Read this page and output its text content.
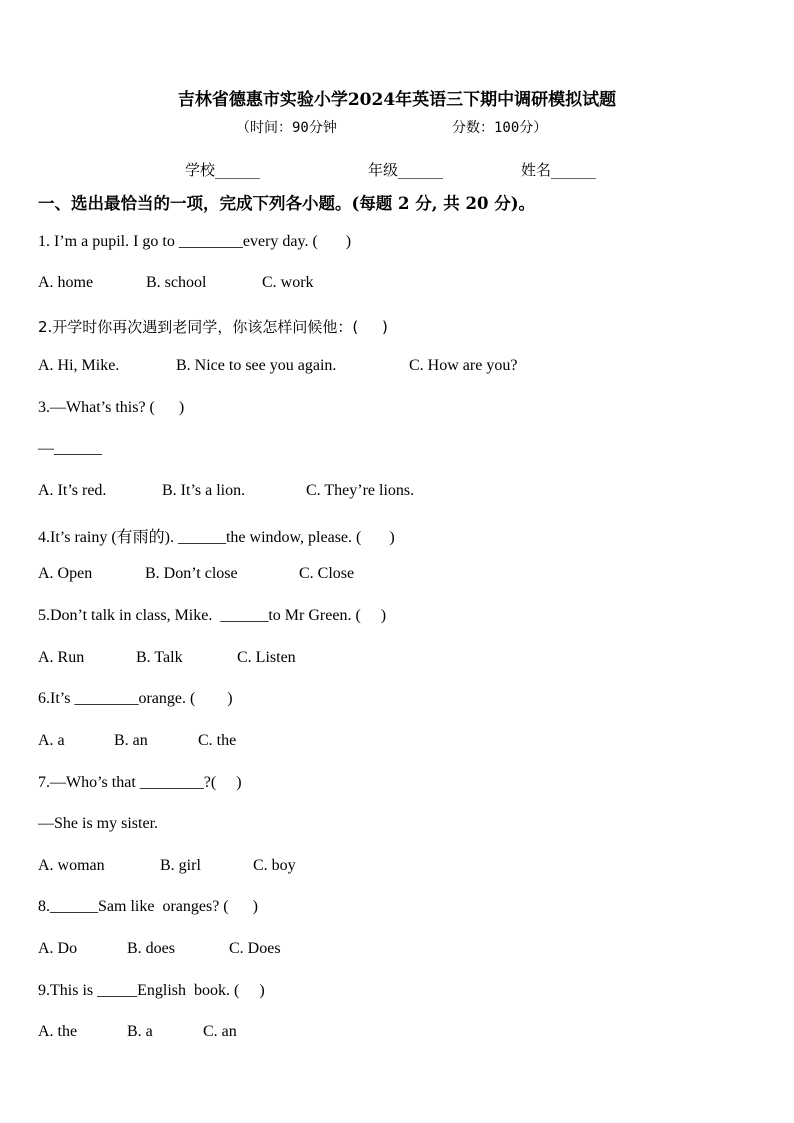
吉林省德惠市实验小学2024年英语三下期中调研模拟试题
（时间：90分钟	分数：100分）
学校______	年级______	姓名______
一、选出最恰当的一项，完成下列各小题。(每题 2 分, 共 20 分)。
1. I’m a pupil. I go to ________every day. (       )
A. home	B. school	C. work
2.开学时你再次遇到老同学，你该怎样问候他：(     )
A. Hi, Mike.	B. Nice to see you again.	C. How are you?
3.—What’s this? (      )
—______
A. It’s red.	B. It’s a lion.	C. They’re lions.
4.It’s rainy (有雨的). ______the window, please. (       )
A. Open	B. Don’t close	C. Close
5.Don’t talk in class, Mike.  ______to Mr Green. (     )
A. Run	B. Talk	C. Listen
6.It’s ________orange. (        )
A. a	B. an	C. the
7.—Who’s that ________?(     )
—She is my sister.
A. woman	B. girl	C. boy
8.______Sam like  oranges? (      )
A. Do	B. does	C. Does
9.This is _____English  book. (     )
A. the	B. a	C. an
